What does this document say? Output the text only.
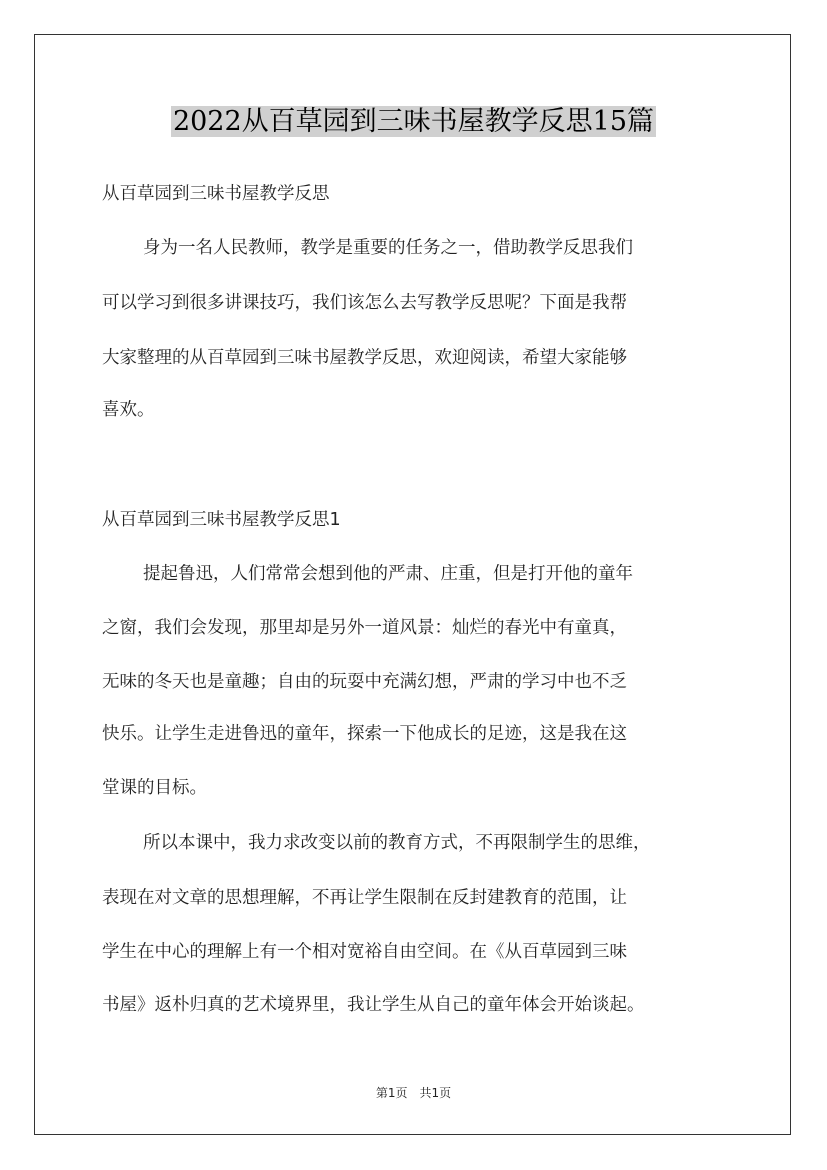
2022从百草园到三味书屋教学反思15篇
从百草园到三味书屋教学反思
身为一名人民教师，教学是重要的任务之一，借助教学反思我们
可以学习到很多讲课技巧，我们该怎么去写教学反思呢？下面是我帮
大家整理的从百草园到三味书屋教学反思，欢迎阅读，希望大家能够
喜欢。
从百草园到三味书屋教学反思1
提起鲁迅，人们常常会想到他的严肃、庄重，但是打开他的童年
之窗，我们会发现，那里却是另外一道风景：灿烂的春光中有童真，
无味的冬天也是童趣；自由的玩耍中充满幻想，严肃的学习中也不乏
快乐。让学生走进鲁迅的童年，探索一下他成长的足迹，这是我在这
堂课的目标。
所以本课中，我力求改变以前的教育方式，不再限制学生的思维，
表现在对文章的思想理解，不再让学生限制在反封建教育的范围，让
学生在中心的理解上有一个相对宽裕自由空间。在《从百草园到三味
书屋》返朴归真的艺术境界里，我让学生从自己的童年体会开始谈起。
第1页 共1页
